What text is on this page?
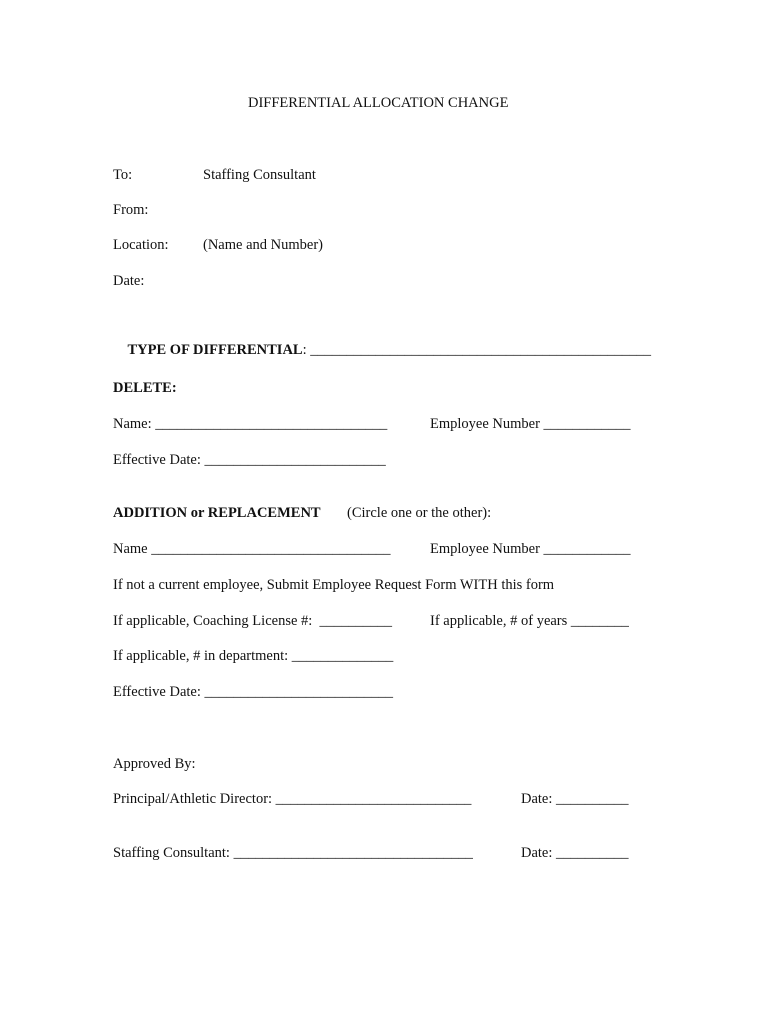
DIFFERENTIAL ALLOCATION CHANGE
To:	Staffing Consultant
From:
Location: (Name and Number)
Date:

TYPE OF DIFFERENTIAL: _______________________________________________

DELETE:
Name: ________________________________	Employee Number ____________
Effective Date: _________________________
ADDITION or REPLACEMENT (Circle one or the other):
Name _________________________________	Employee Number ____________
If not a current employee, Submit Employee Request Form WITH this form
If applicable, Coaching License #:  __________	If applicable, # of years ________
If applicable, # in department: ______________
Effective Date: __________________________
Approved By:
Principal/Athletic Director: ___________________________	Date: __________
Staffing Consultant: _________________________________	Date: __________
